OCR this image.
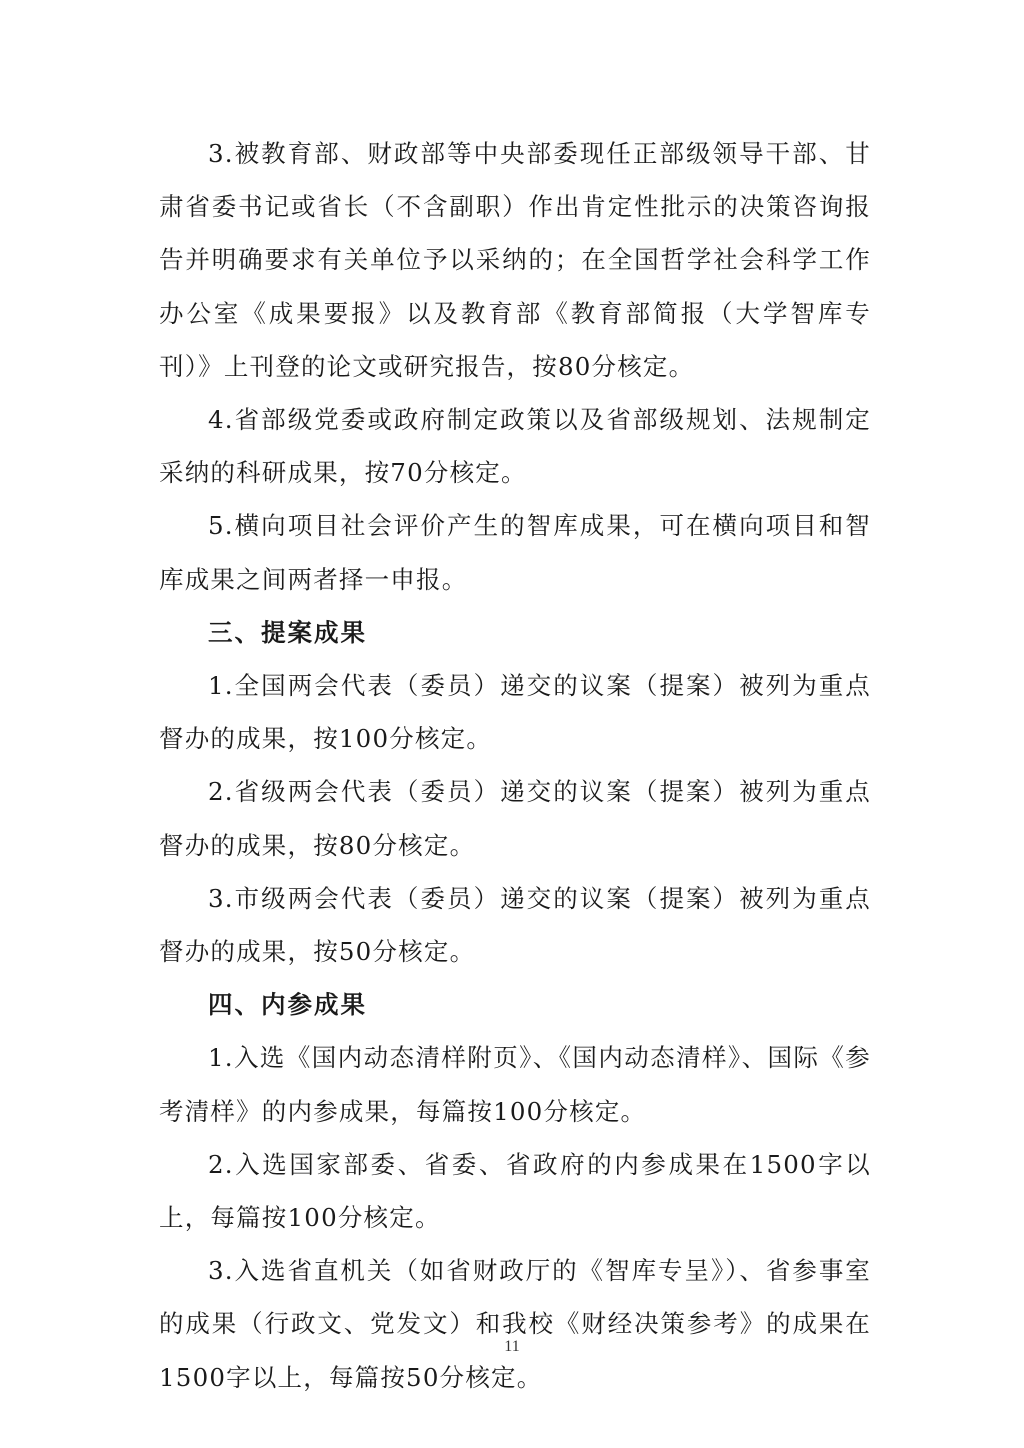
3.被教育部、财政部等中央部委现任正部级领导干部、甘肃省委书记或省长（不含副职）作出肯定性批示的决策咨询报告并明确要求有关单位予以采纳的；在全国哲学社会科学工作办公室《成果要报》以及教育部《教育部简报（大学智库专刊）》上刊登的论文或研究报告，按80分核定。

4.省部级党委或政府制定政策以及省部级规划、法规制定采纳的科研成果，按70分核定。

5.横向项目社会评价产生的智库成果，可在横向项目和智库成果之间两者择一申报。

三、提案成果

1.全国两会代表（委员）递交的议案（提案）被列为重点督办的成果，按100分核定。

2.省级两会代表（委员）递交的议案（提案）被列为重点督办的成果，按80分核定。

3.市级两会代表（委员）递交的议案（提案）被列为重点督办的成果，按50分核定。

四、内参成果

1.入选《国内动态清样附页》、《国内动态清样》、国际《参考清样》的内参成果，每篇按100分核定。

2.入选国家部委、省委、省政府的内参成果在1500字以上，每篇按100分核定。

3.入选省直机关（如省财政厅的《智库专呈》）、省参事室的成果（行政文、党发文）和我校《财经决策参考》的成果在1500字以上，每篇按50分核定。

11
